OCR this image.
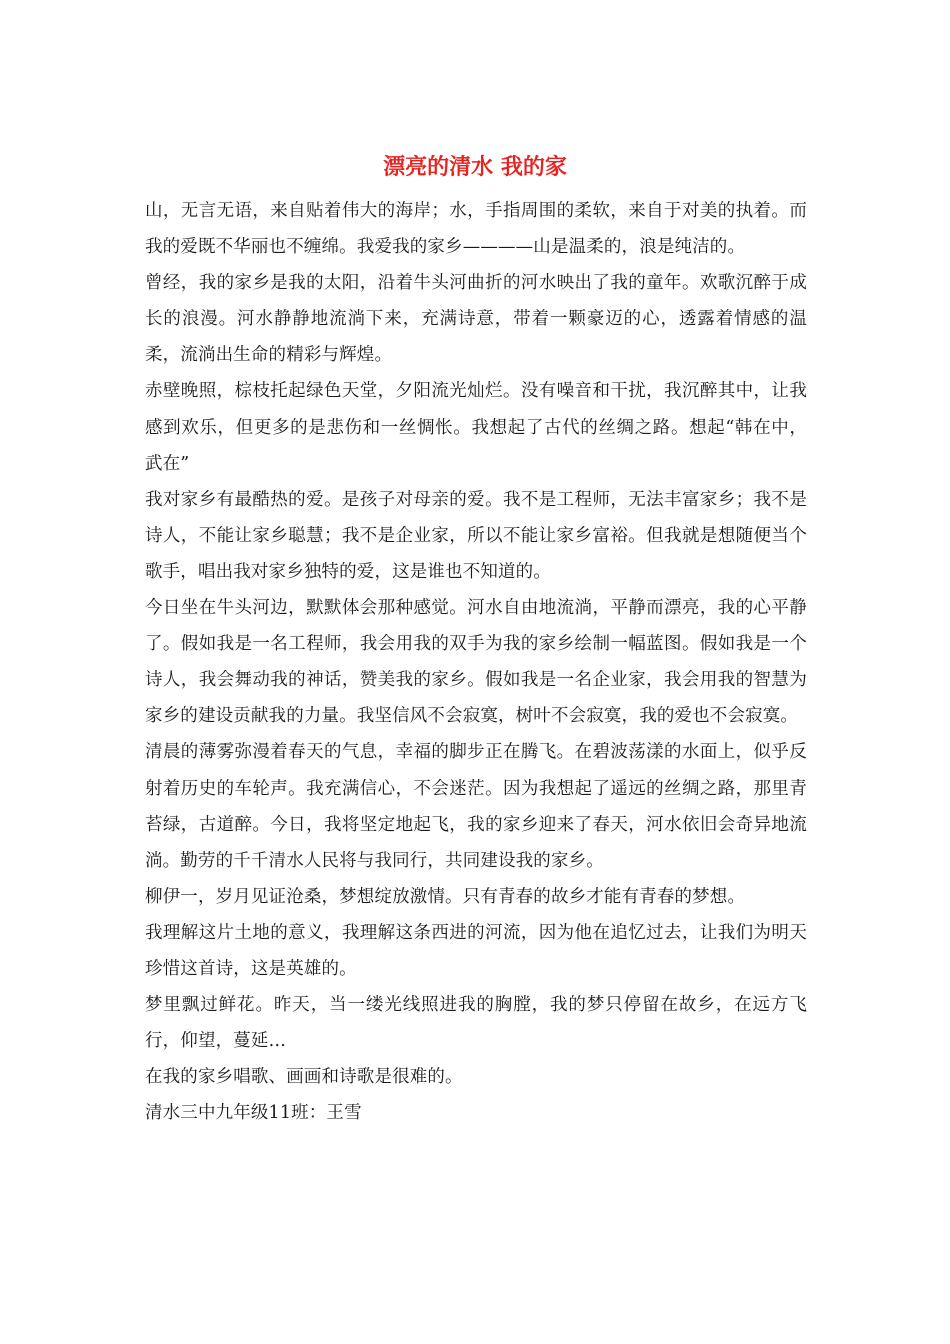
漂亮的清水 我的家

山，无言无语，来自贴着伟大的海岸；水，手指周围的柔软，来自于对美的执着。而我的爱既不华丽也不缠绵。我爱我的家乡————山是温柔的，浪是纯洁的。

曾经，我的家乡是我的太阳，沿着牛头河曲折的河水映出了我的童年。欢歌沉醉于成长的浪漫。河水静静地流淌下来，充满诗意，带着一颗豪迈的心，透露着情感的温柔，流淌出生命的精彩与辉煌。

赤壁晚照，棕枝托起绿色天堂，夕阳流光灿烂。没有噪音和干扰，我沉醉其中，让我感到欢乐，但更多的是悲伤和一丝惆怅。我想起了古代的丝绸之路。想起“韩在中，武在”

我对家乡有最酷热的爱。是孩子对母亲的爱。我不是工程师，无法丰富家乡；我不是诗人，不能让家乡聪慧；我不是企业家，所以不能让家乡富裕。但我就是想随便当个歌手，唱出我对家乡独特的爱，这是谁也不知道的。

今日坐在牛头河边，默默体会那种感觉。河水自由地流淌，平静而漂亮，我的心平静了。假如我是一名工程师，我会用我的双手为我的家乡绘制一幅蓝图。假如我是一个诗人，我会舞动我的神话，赞美我的家乡。假如我是一名企业家，我会用我的智慧为家乡的建设贡献我的力量。我坚信风不会寂寞，树叶不会寂寞，我的爱也不会寂寞。

清晨的薄雾弥漫着春天的气息，幸福的脚步正在腾飞。在碧波荡漾的水面上，似乎反射着历史的车轮声。我充满信心，不会迷茫。因为我想起了遥远的丝绸之路，那里青苔绿，古道醉。今日，我将坚定地起飞，我的家乡迎来了春天，河水依旧会奇异地流淌。勤劳的千千清水人民将与我同行，共同建设我的家乡。

柳伊一，岁月见证沧桑，梦想绽放激情。只有青春的故乡才能有青春的梦想。

我理解这片土地的意义，我理解这条西进的河流，因为他在追忆过去，让我们为明天珍惜这首诗，这是英雄的。

梦里飘过鲜花。昨天，当一缕光线照进我的胸膛，我的梦只停留在故乡，在远方飞行，仰望，蔓延…

在我的家乡唱歌、画画和诗歌是很难的。

清水三中九年级11班：王雪
